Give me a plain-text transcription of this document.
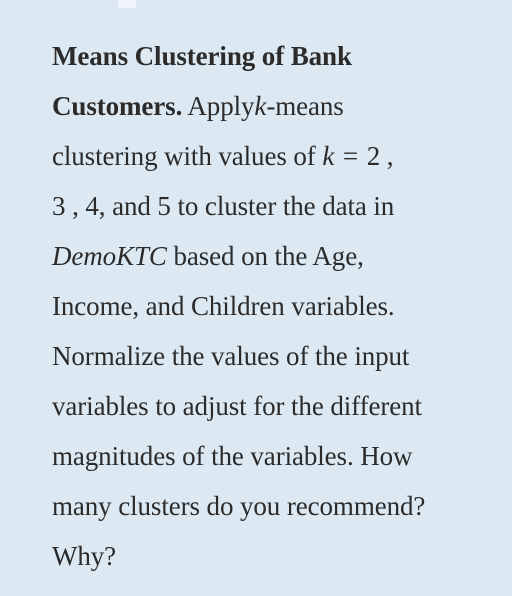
Means Clustering of Bank
Customers. Applyk-means
clustering with values of k = 2 ,
3 , 4, and 5 to cluster the data in
DemoKTC based on the Age,
Income, and Children variables.
Normalize the values of the input
variables to adjust for the different
magnitudes of the variables. How
many clusters do you recommend?
Why?
